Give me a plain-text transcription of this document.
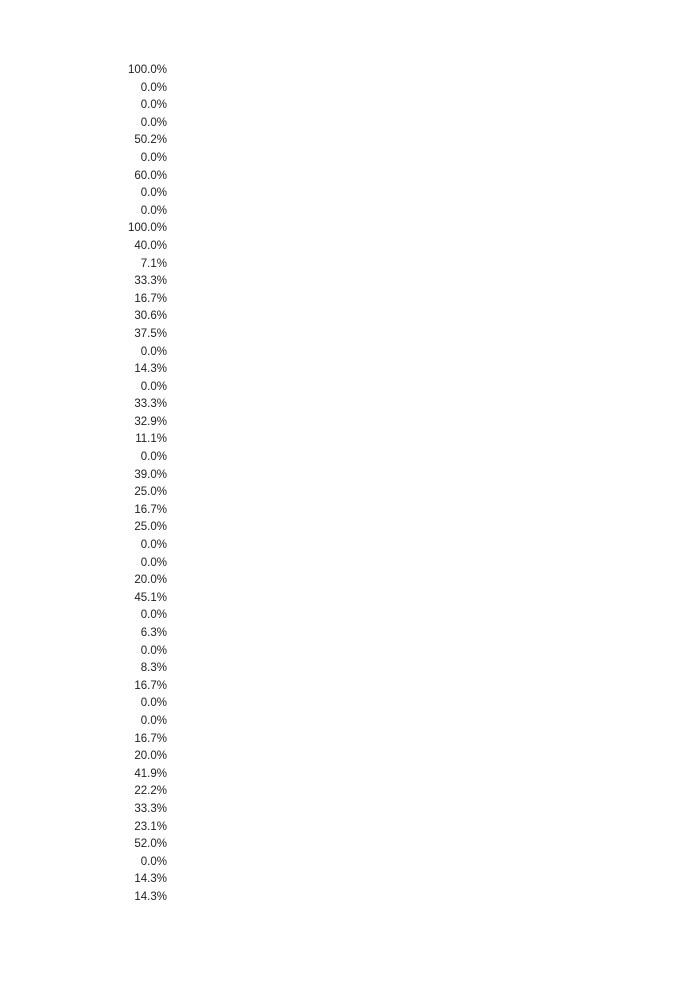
100.0%
0.0%
0.0%
0.0%
50.2%
0.0%
60.0%
0.0%
0.0%
100.0%
40.0%
7.1%
33.3%
16.7%
30.6%
37.5%
0.0%
14.3%
0.0%
33.3%
32.9%
11.1%
0.0%
39.0%
25.0%
16.7%
25.0%
0.0%
0.0%
20.0%
45.1%
0.0%
6.3%
0.0%
8.3%
16.7%
0.0%
0.0%
16.7%
20.0%
41.9%
22.2%
33.3%
23.1%
52.0%
0.0%
14.3%
14.3%
